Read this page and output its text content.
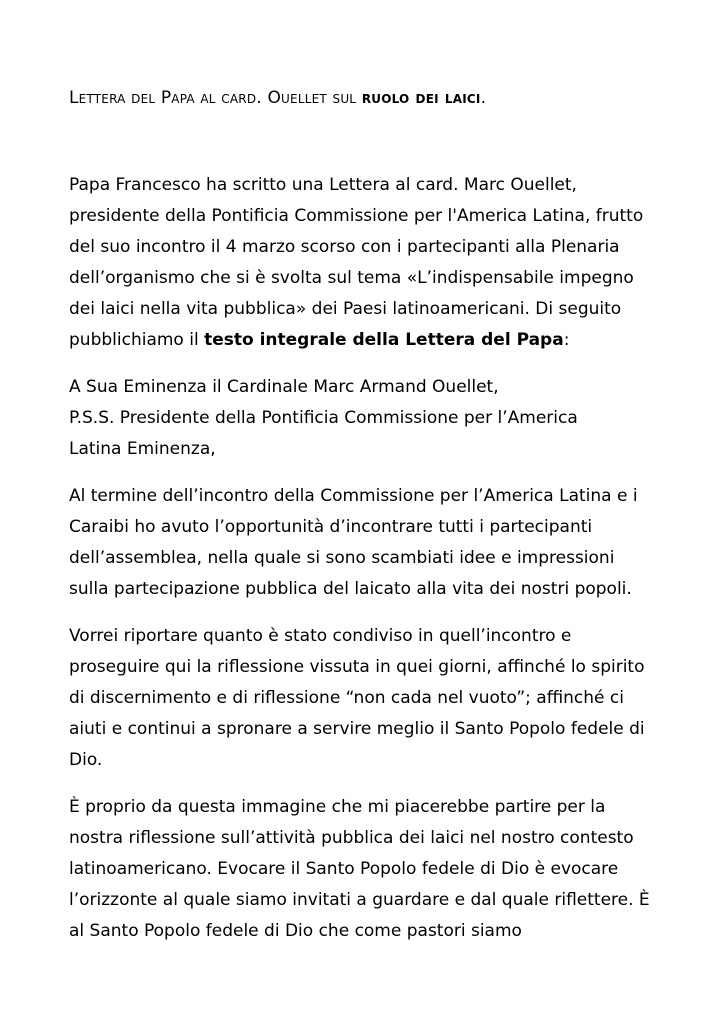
Lettera del Papa al card. Ouellet sul ruolo dei laici.

Papa Francesco ha scritto una Lettera al card. Marc Ouellet,
presidente della Pontificia Commissione per l'America Latina, frutto
del suo incontro il 4 marzo scorso con i partecipanti alla Plenaria
dell’organismo che si è svolta sul tema «L’indispensabile impegno
dei laici nella vita pubblica» dei Paesi latinoamericani. Di seguito
pubblichiamo il testo integrale della Lettera del Papa:

A Sua Eminenza il Cardinale Marc Armand Ouellet,
P.S.S. Presidente della Pontificia Commissione per l’America
Latina Eminenza,

Al termine dell’incontro della Commissione per l’America Latina e i
Caraibi ho avuto l’opportunità d’incontrare tutti i partecipanti
dell’assemblea, nella quale si sono scambiati idee e impressioni
sulla partecipazione pubblica del laicato alla vita dei nostri popoli.

Vorrei riportare quanto è stato condiviso in quell’incontro e
proseguire qui la riflessione vissuta in quei giorni, affinché lo spirito
di discernimento e di riflessione “non cada nel vuoto”; affinché ci
aiuti e continui a spronare a servire meglio il Santo Popolo fedele di
Dio.

È proprio da questa immagine che mi piacerebbe partire per la
nostra riflessione sull’attività pubblica dei laici nel nostro contesto
latinoamericano. Evocare il Santo Popolo fedele di Dio è evocare
l’orizzonte al quale siamo invitati a guardare e dal quale riflettere. È
al Santo Popolo fedele di Dio che come pastori siamo
